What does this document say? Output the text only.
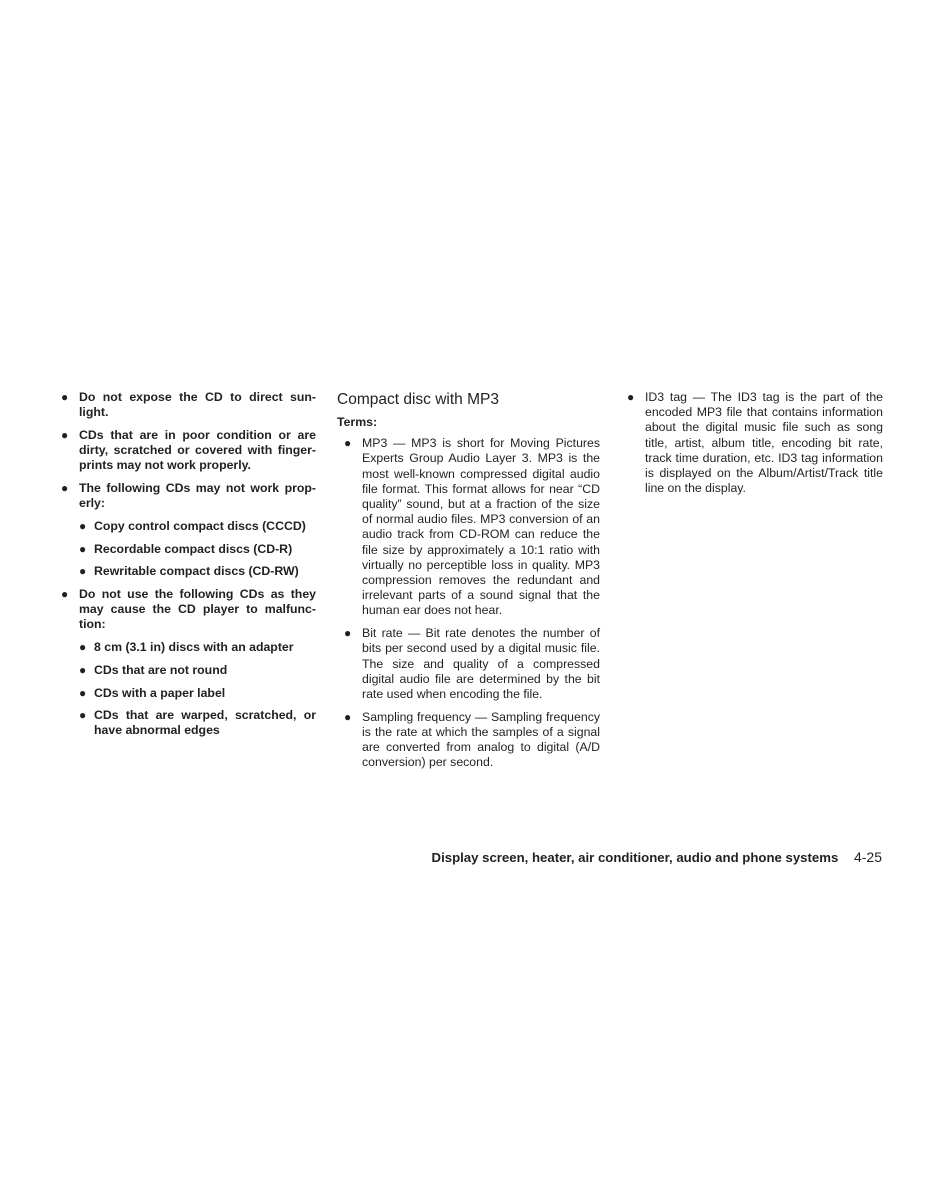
● Do not expose the CD to direct sun-light.
● CDs that are in poor condition or are dirty, scratched or covered with finger-prints may not work properly.
● The following CDs may not work prop-erly:
● Copy control compact discs (CCCD)
● Recordable compact discs (CD-R)
● Rewritable compact discs (CD-RW)
● Do not use the following CDs as they may cause the CD player to malfunc-tion:
● 8 cm (3.1 in) discs with an adapter
● CDs that are not round
● CDs with a paper label
● CDs that are warped, scratched, or have abnormal edges
Compact disc with MP3

Terms:

● MP3 — MP3 is short for Moving Pictures Experts Group Audio Layer 3. MP3 is the most well-known compressed digital audio file format. This format allows for near “CD quality” sound, but at a fraction of the size of normal audio files. MP3 conversion of an audio track from CD-ROM can reduce the file size by approximately a 10:1 ratio with virtually no perceptible loss in quality. MP3 compression removes the redundant and irrelevant parts of a sound signal that the human ear does not hear.
● Bit rate — Bit rate denotes the number of bits per second used by a digital music file. The size and quality of a compressed digital audio file are determined by the bit rate used when encoding the file.
● Sampling frequency — Sampling frequency is the rate at which the samples of a signal are converted from analog to digital (A/D conversion) per second.
● ID3 tag — The ID3 tag is the part of the encoded MP3 file that contains information about the digital music file such as song title, artist, album title, encoding bit rate, track time duration, etc. ID3 tag information is displayed on the Album/Artist/Track title line on the display.
Display screen, heater, air conditioner, audio and phone systems 4-25
